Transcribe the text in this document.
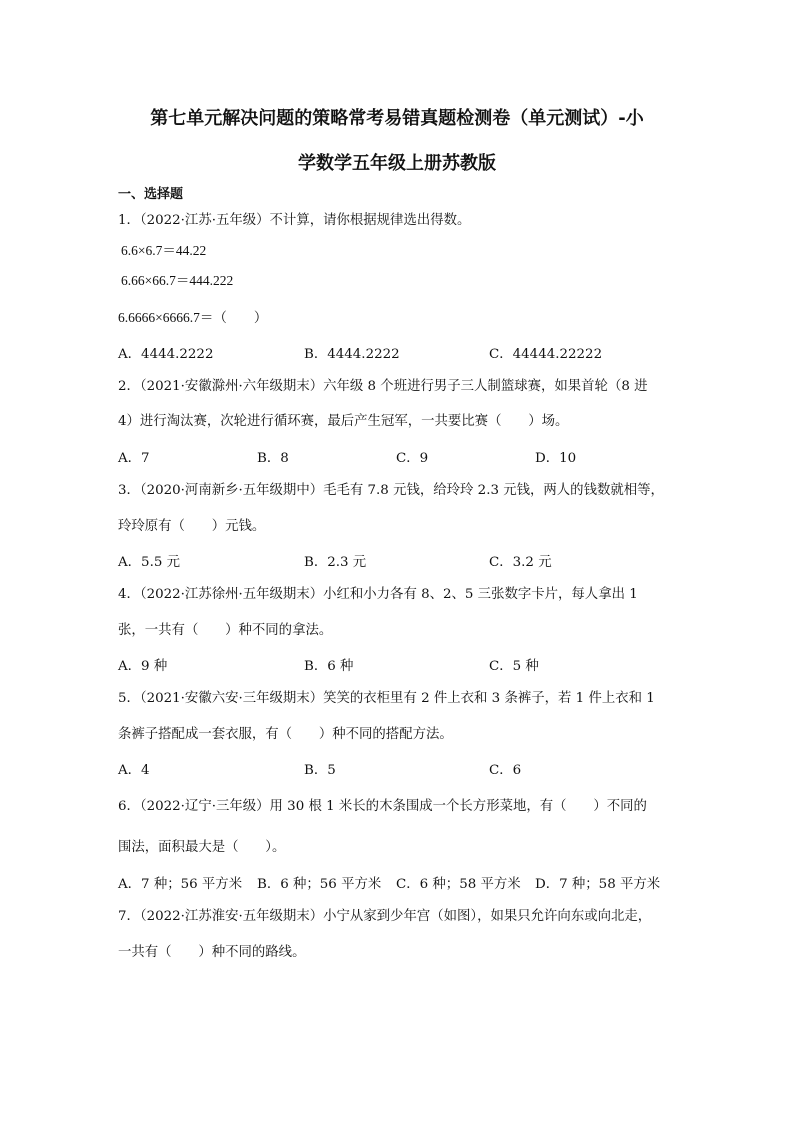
第七单元解决问题的策略常考易错真题检测卷（单元测试）-小
学数学五年级上册苏教版
一、选择题
1．（2022·江苏·五年级）不计算，请你根据规律选出得数。
6.6×6.7＝44.22
6.66×66.7＝444.222
6.6666×6666.7＝（　　）
A．4444.2222	B．4444.2222	C．44444.22222
2．（2021·安徽滁州·六年级期末）六年级 8 个班进行男子三人制篮球赛，如果首轮（8 进
4）进行淘汰赛，次轮进行循环赛，最后产生冠军，一共要比赛（　　）场。
A．7	B．8	C．9	D．10
3．（2020·河南新乡·五年级期中）毛毛有 7.8 元钱，给玲玲 2.3 元钱，两人的钱数就相等，
玲玲原有（　　）元钱。
A．5.5 元	B．2.3 元	C．3.2 元
4．（2022·江苏徐州·五年级期末）小红和小力各有 8、2、5 三张数字卡片，每人拿出 1
张，一共有（　　）种不同的拿法。
A．9 种	B．6 种	C．5 种
5．（2021·安徽六安·三年级期末）笑笑的衣柜里有 2 件上衣和 3 条裤子，若 1 件上衣和 1
条裤子搭配成一套衣服，有（　　）种不同的搭配方法。
A．4	B．5	C．6
6．（2022·辽宁·三年级）用 30 根 1 米长的木条围成一个长方形菜地，有（　　）不同的
围法，面积最大是（　　）。
A．7 种；56 平方米 B．6 种；56 平方米 C．6 种；58 平方米 D．7 种；58 平方米
7．（2022·江苏淮安·五年级期末）小宁从家到少年宫（如图），如果只允许向东或向北走，
一共有（　　）种不同的路线。
